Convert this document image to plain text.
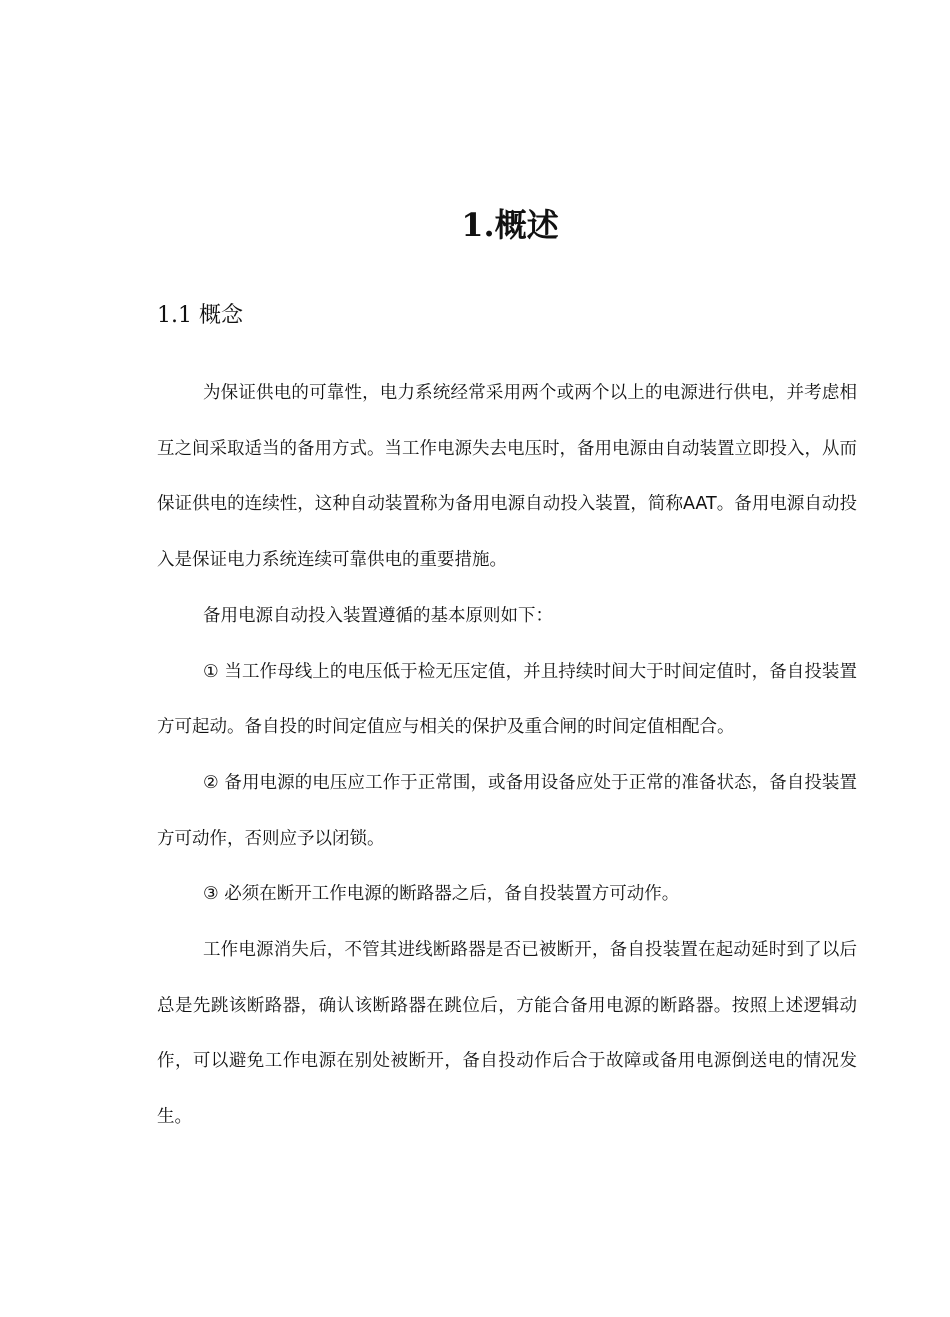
1.概述
1.1 概念

为保证供电的可靠性，电力系统经常采用两个或两个以上的电源进行供电，并考虑相互之间采取适当的备用方式。当工作电源失去电压时，备用电源由自动装置立即投入，从而保证供电的连续性，这种自动装置称为备用电源自动投入装置，简称AAT。备用电源自动投入是保证电力系统连续可靠供电的重要措施。

备用电源自动投入装置遵循的基本原则如下：

① 当工作母线上的电压低于检无压定值，并且持续时间大于时间定值时，备自投装置方可起动。备自投的时间定值应与相关的保护及重合闸的时间定值相配合。

② 备用电源的电压应工作于正常围，或备用设备应处于正常的准备状态，备自投装置方可动作，否则应予以闭锁。

③ 必须在断开工作电源的断路器之后，备自投装置方可动作。

工作电源消失后，不管其进线断路器是否已被断开，备自投装置在起动延时到了以后总是先跳该断路器，确认该断路器在跳位后，方能合备用电源的断路器。按照上述逻辑动作，可以避免工作电源在别处被断开，备自投动作后合于故障或备用电源倒送电的情况发生。
